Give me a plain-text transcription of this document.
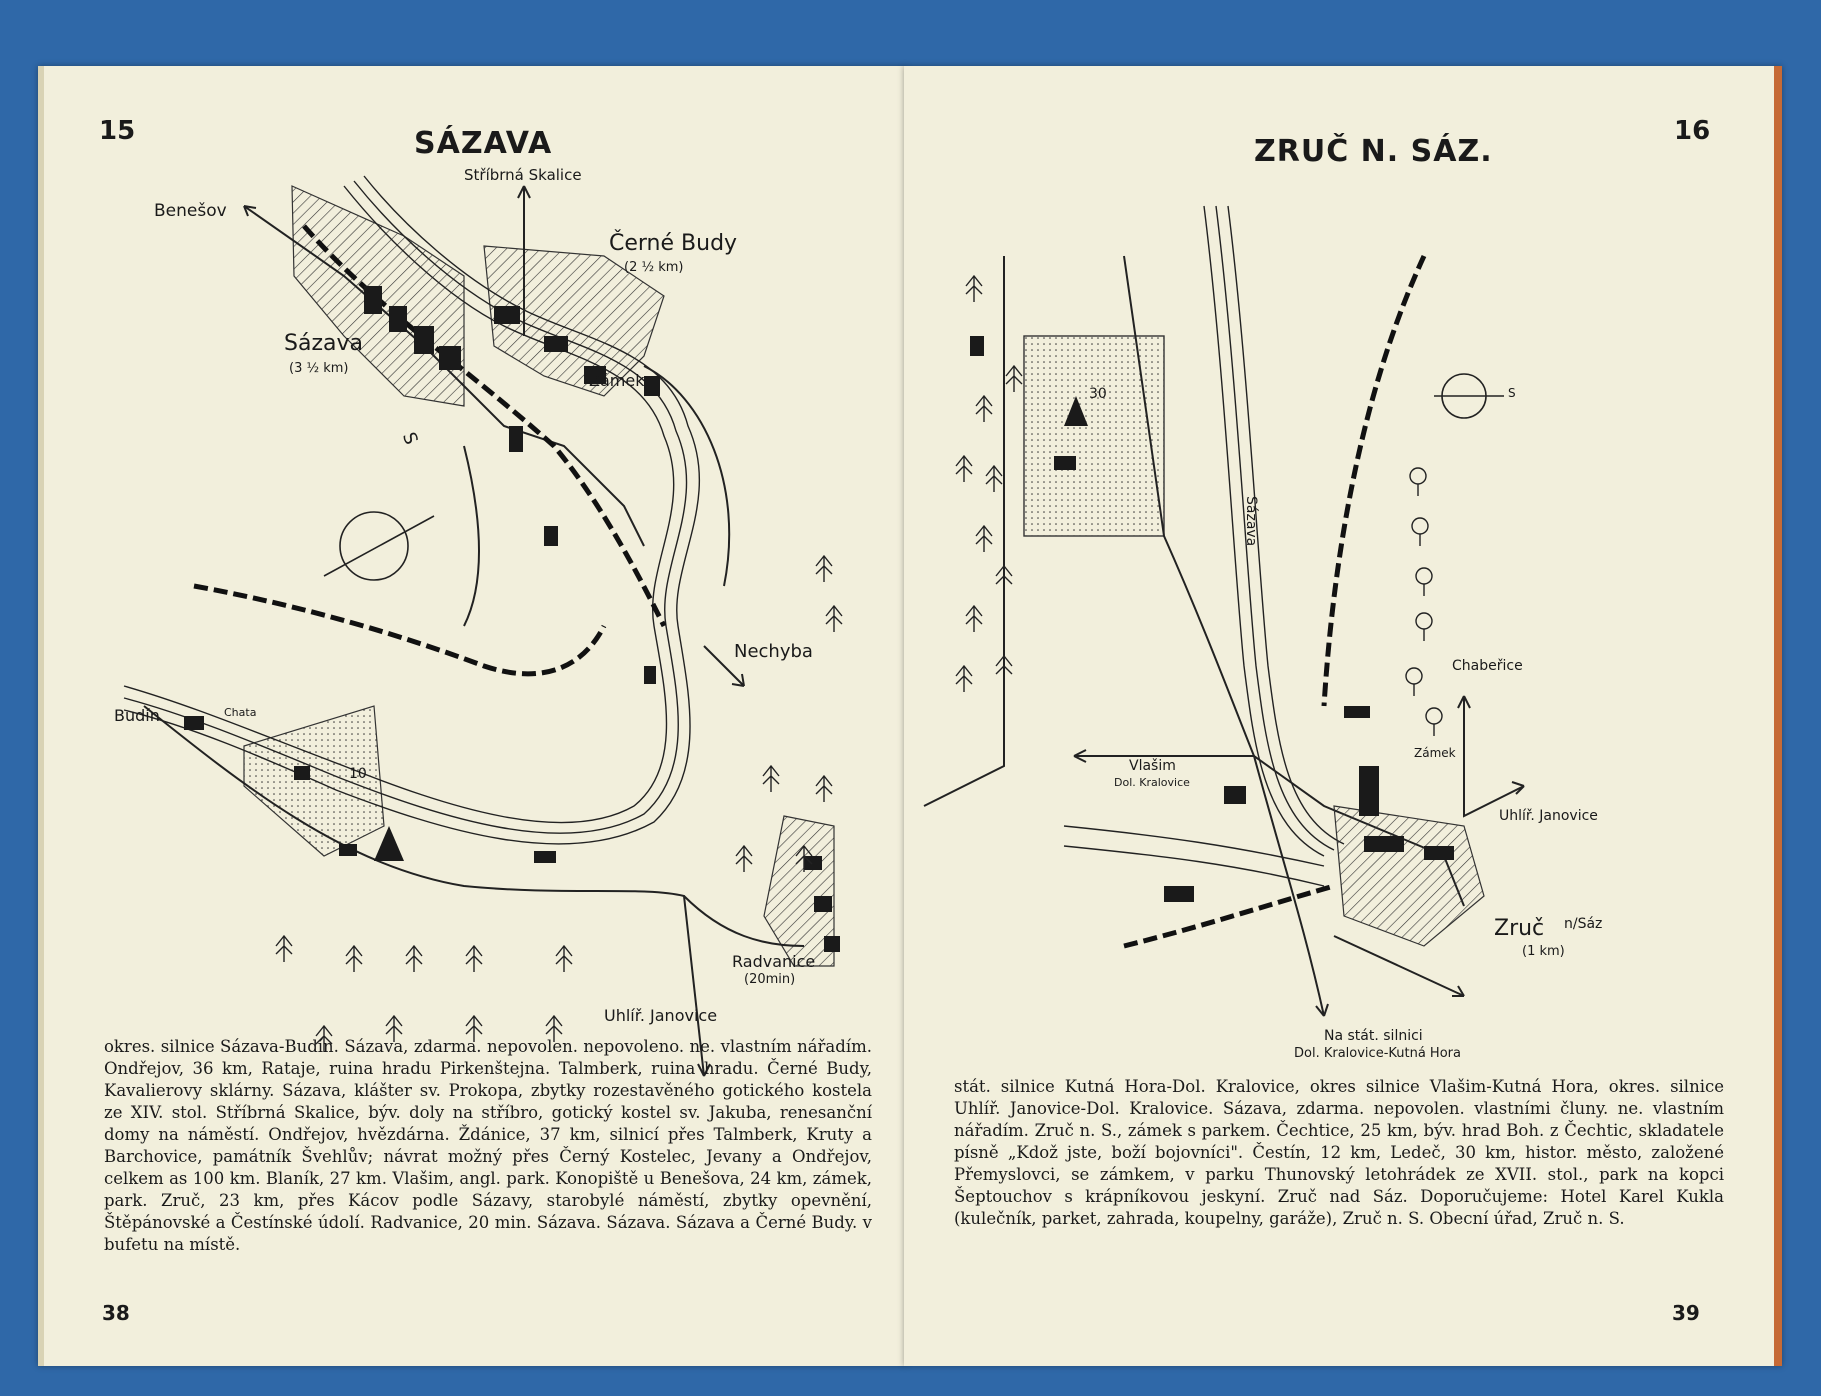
15	SÁZAVA
Stříbrná Skalice
Benešov
Černé Budy
(2 ½ km)
Sázava
(3 ½ km)
Zámek
S
Nechyba
Budín	Chata
10
Radvanice
(20min)
Uhlíř. Janovice
okres. silnice Sázava-Budín. Sázava, zdarma. nepovolen. nepovoleno. ne. vlastním nářadím. Ondřejov, 36 km, Rataje, ruina hradu Pirkenštejna. Talmberk, ruina hradu. Černé Budy, Kavalierovy sklárny. Sázava, klášter sv. Prokopa, zbytky rozestavěného gotického kostela ze XIV. stol. Stříbrná Skalice, býv. doly na stříbro, gotický kostel sv. Jakuba, renesanční domy na náměstí. Ondřejov, hvězdárna. Ždánice, 37 km, silnicí přes Talmberk, Kruty a Barchovice, památník Švehlův; návrat možný přes Černý Kostelec, Jevany a Ondřejov, celkem as 100 km. Blaník, 27 km. Vlašim, angl. park. Konopiště u Benešova, 24 km, zámek, park. Zruč, 23 km, přes Kácov podle Sázavy, starobylé náměstí, zbytky opevnění, Štěpánovské a Čestínské údolí. Radvanice, 20 min. Sázava. Sázava. Sázava a Černé Budy. v bufetu na místě.
38
16
ZRUČ N. SÁZ.
Sázava
30	S
Chabeřice
Zámek
Vlašim
Dol. Kralovice
Uhlíř. Janovice
Zruč n/Sáz
(1 km)
Na stát. silnici
Dol. Kralovice-Kutná Hora
stát. silnice Kutná Hora-Dol. Kralovice, okres silnice Vlašim-Kutná Hora, okres. silnice Uhlíř. Janovice-Dol. Kralovice. Sázava, zdarma. nepovolen. vlastními čluny. ne. vlastním nářadím. Zruč n. S., zámek s parkem. Čechtice, 25 km, býv. hrad Boh. z Čechtic, skladatele písně „Kdož jste, boží bojovníci". Čestín, 12 km, Ledeč, 30 km, histor. město, založené Přemyslovci, se zámkem, v parku Thunovský letohrádek ze XVII. stol., park na kopci Šeptouchov s krápníkovou jeskyní. Zruč nad Sáz. Doporučujeme: Hotel Karel Kukla (kulečník, parket, zahrada, koupelny, garáže), Zruč n. S. Obecní úřad, Zruč n. S.
39
